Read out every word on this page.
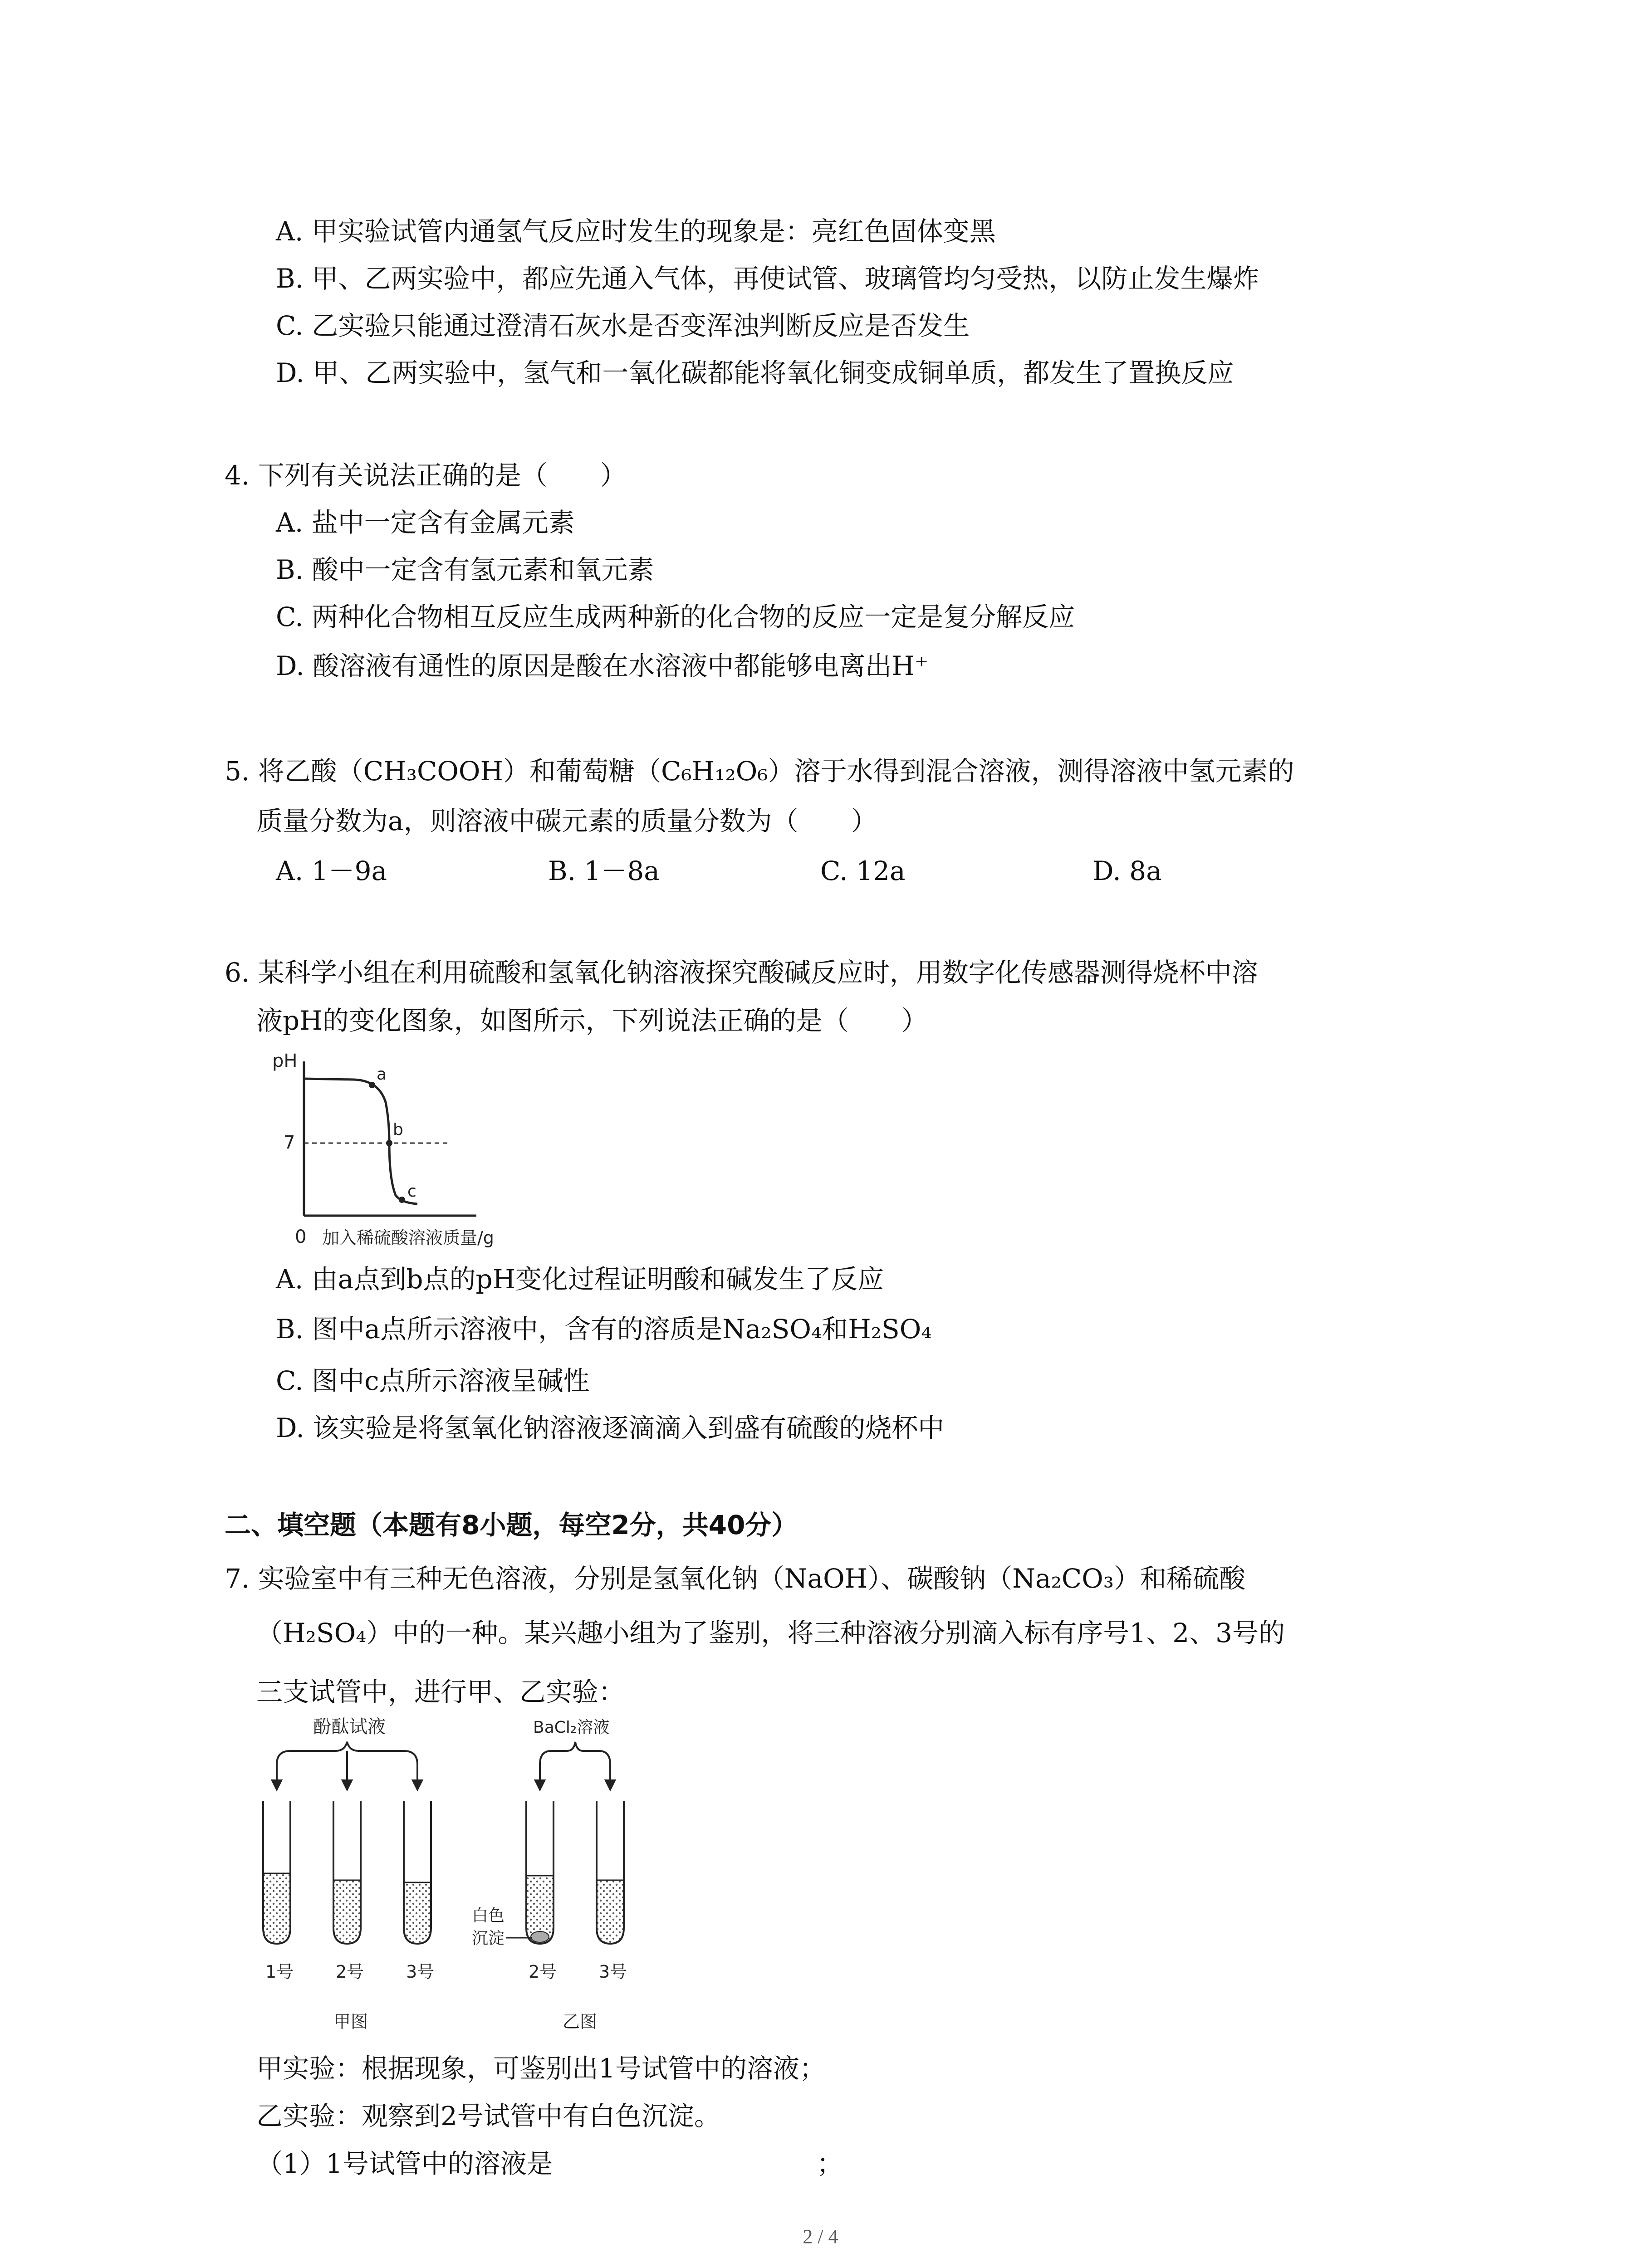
A. 甲实验试管内通氢气反应时发生的现象是：亮红色固体变黑
B. 甲、乙两实验中，都应先通入气体，再使试管、玻璃管均匀受热，以防止发生爆炸
C. 乙实验只能通过澄清石灰水是否变浑浊判断反应是否发生
D. 甲、乙两实验中，氢气和一氧化碳都能将氧化铜变成铜单质，都发生了置换反应
4. 下列有关说法正确的是（　　）
A. 盐中一定含有金属元素
B. 酸中一定含有氢元素和氧元素
C. 两种化合物相互反应生成两种新的化合物的反应一定是复分解反应
D. 酸溶液有通性的原因是酸在水溶液中都能够电离出H⁺
5. 将乙酸（CH₃COOH）和葡萄糖（C₆H₁₂O₆）溶于水得到混合溶液，测得溶液中氢元素的
质量分数为a，则溶液中碳元素的质量分数为（　　）
A. 1－9a	B. 1－8a	C. 12a	D. 8a
6. 某科学小组在利用硫酸和氢氧化钠溶液探究酸碱反应时，用数字化传感器测得烧杯中溶
液pH的变化图象，如图所示，下列说法正确的是（　　）
pH
7
a
b
c
0 加入稀硫酸溶液质量/g
A. 由a点到b点的pH变化过程证明酸和碱发生了反应
B. 图中a点所示溶液中，含有的溶质是Na₂SO₄和H₂SO₄
C. 图中c点所示溶液呈碱性
D. 该实验是将氢氧化钠溶液逐滴滴入到盛有硫酸的烧杯中
二、填空题（本题有8小题，每空2分，共40分）
7. 实验室中有三种无色溶液，分别是氢氧化钠（NaOH）、碳酸钠（Na₂CO₃）和稀硫酸
（H₂SO₄）中的一种。某兴趣小组为了鉴别，将三种溶液分别滴入标有序号1、2、3号的
三支试管中，进行甲、乙实验：
酚酞试液
1号 2号 3号
甲图
BaCl₂溶液
白色
沉淀
2号 3号
乙图
甲实验：根据现象，可鉴别出1号试管中的溶液；
乙实验：观察到2号试管中有白色沉淀。
（1）1号试管中的溶液是	；
2 / 4
